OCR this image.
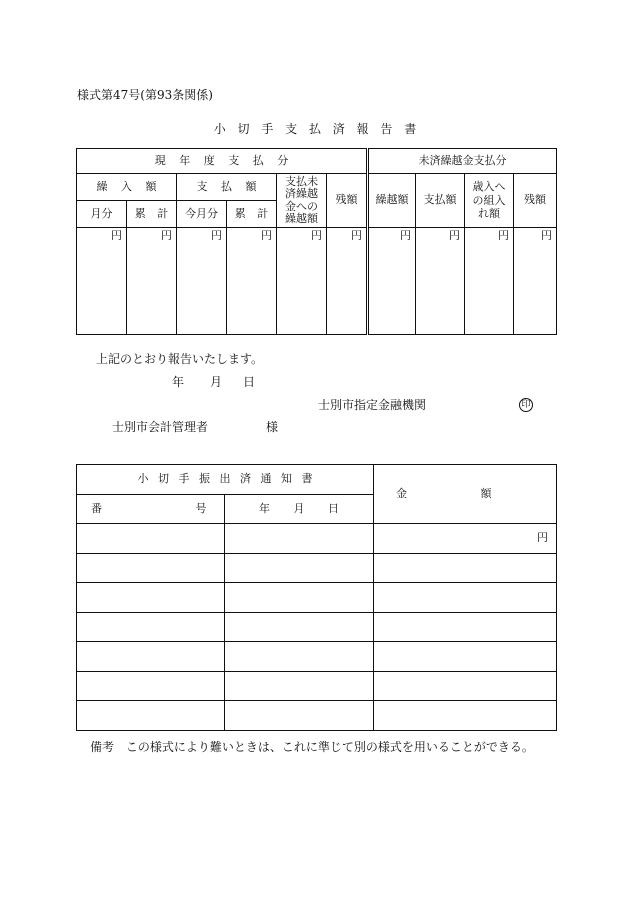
様式第47号(第93条関係)
小 切 手 支 払 済 報 告 書
現 年 度 支 払 分						未済繰越金支払分			
繰 入 額		支 払 額		支払未済繰越金への繰越額	残額	繰越額	支払額	歳入への組入れ額	残額
月分	累 計	今月分	累 計						
円	円	円	円	円	円	円	円	円	円
上記のとおり報告いたします。
年 月 日
士別市指定金融機関	印
士別市会計管理者	様
小 切 手 振 出 済 通 知 書		金 額

番 号	年 月 日	
		円

備考 この様式により難いときは、これに準じて別の様式を用いることができる。
